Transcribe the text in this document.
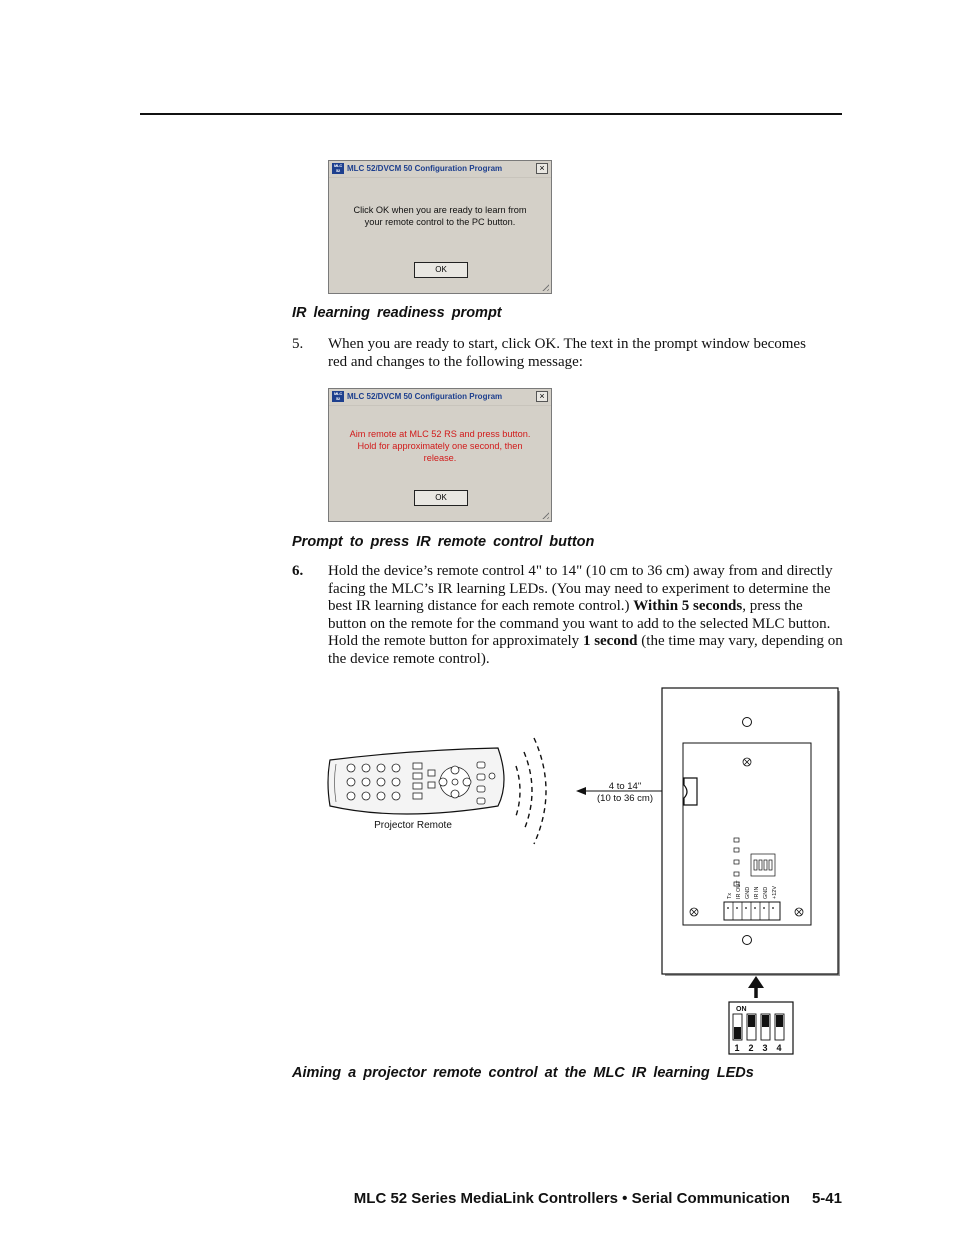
MLC 52 MLC 52/DVCM 50 Configuration Program	×
Click OK when you are ready to learn from
your remote control to the PC button.
OK
IR learning readiness prompt
5. When you are ready to start, click OK. The text in the prompt window becomes red and changes to the following message:
MLC 52 MLC 52/DVCM 50 Configuration Program	×
Aim remote at MLC 52 RS and press button.
Hold for approximately one second, then
release.
OK
Prompt to press IR remote control button
6. Hold the device’s remote control 4" to 14" (10 cm to 36 cm) away from and directly facing the MLC’s IR learning LEDs. (You may need to experiment to determine the best IR learning distance for each remote control.) Within 5 seconds, press the button on the remote for the command you want to add to the selected MLC button. Hold the remote button for approximately 1 second (the time may vary, depending on the device remote control).
4 to 14"
(10 to 36 cm)
Projector Remote
Tx IR OUT GND IR IN GND +12V
ON
1 2 3 4
Aiming a projector remote control at the MLC IR learning LEDs
MLC 52 Series MediaLink Controllers • Serial Communication 5-41
